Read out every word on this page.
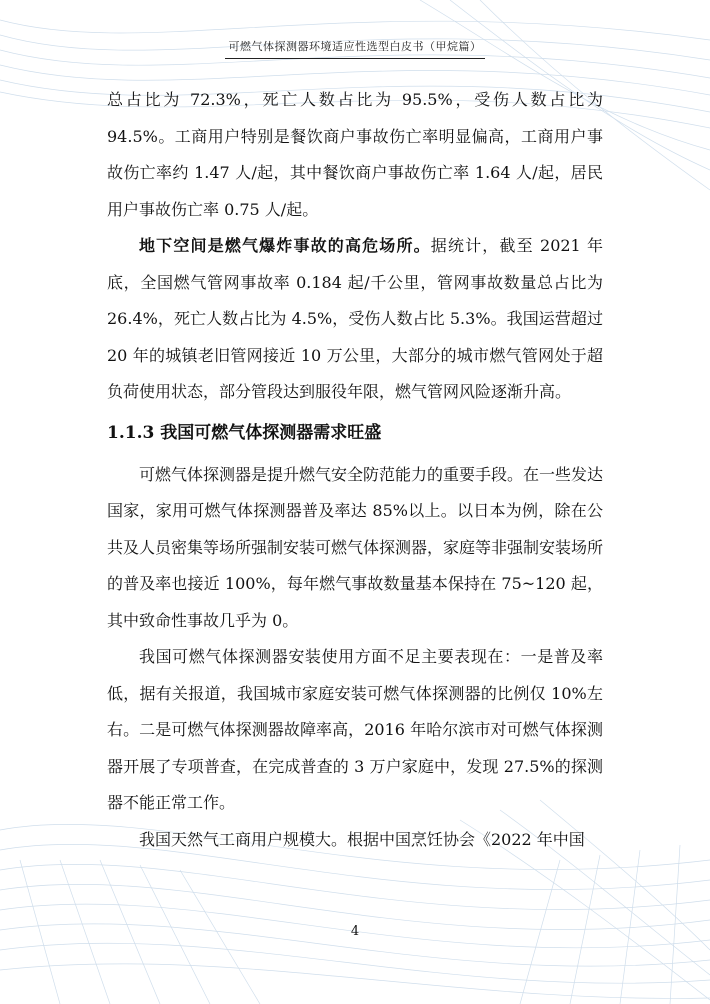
可燃气体探测器环境适应性选型白皮书（甲烷篇）

总占比为 72.3%，死亡人数占比为 95.5%，受伤人数占比为 94.5%。工商用户特别是餐饮商户事故伤亡率明显偏高，工商用户事故伤亡率约 1.47 人/起，其中餐饮商户事故伤亡率 1.64 人/起，居民用户事故伤亡率 0.75 人/起。

地下空间是燃气爆炸事故的高危场所。据统计，截至 2021 年底，全国燃气管网事故率 0.184 起/千公里，管网事故数量总占比为 26.4%，死亡人数占比为 4.5%，受伤人数占比 5.3%。我国运营超过 20 年的城镇老旧管网接近 10 万公里，大部分的城市燃气管网处于超负荷使用状态，部分管段达到服役年限，燃气管网风险逐渐升高。

1.1.3 我国可燃气体探测器需求旺盛

可燃气体探测器是提升燃气安全防范能力的重要手段。在一些发达国家，家用可燃气体探测器普及率达 85%以上。以日本为例，除在公共及人员密集等场所强制安装可燃气体探测器，家庭等非强制安装场所的普及率也接近 100%，每年燃气事故数量基本保持在 75~120 起，其中致命性事故几乎为 0。

我国可燃气体探测器安装使用方面不足主要表现在：一是普及率低，据有关报道，我国城市家庭安装可燃气体探测器的比例仅 10%左右。二是可燃气体探测器故障率高，2016 年哈尔滨市对可燃气体探测器开展了专项普查，在完成普查的 3 万户家庭中，发现 27.5%的探测器不能正常工作。

我国天然气工商用户规模大。根据中国烹饪协会《2022 年中国

4
